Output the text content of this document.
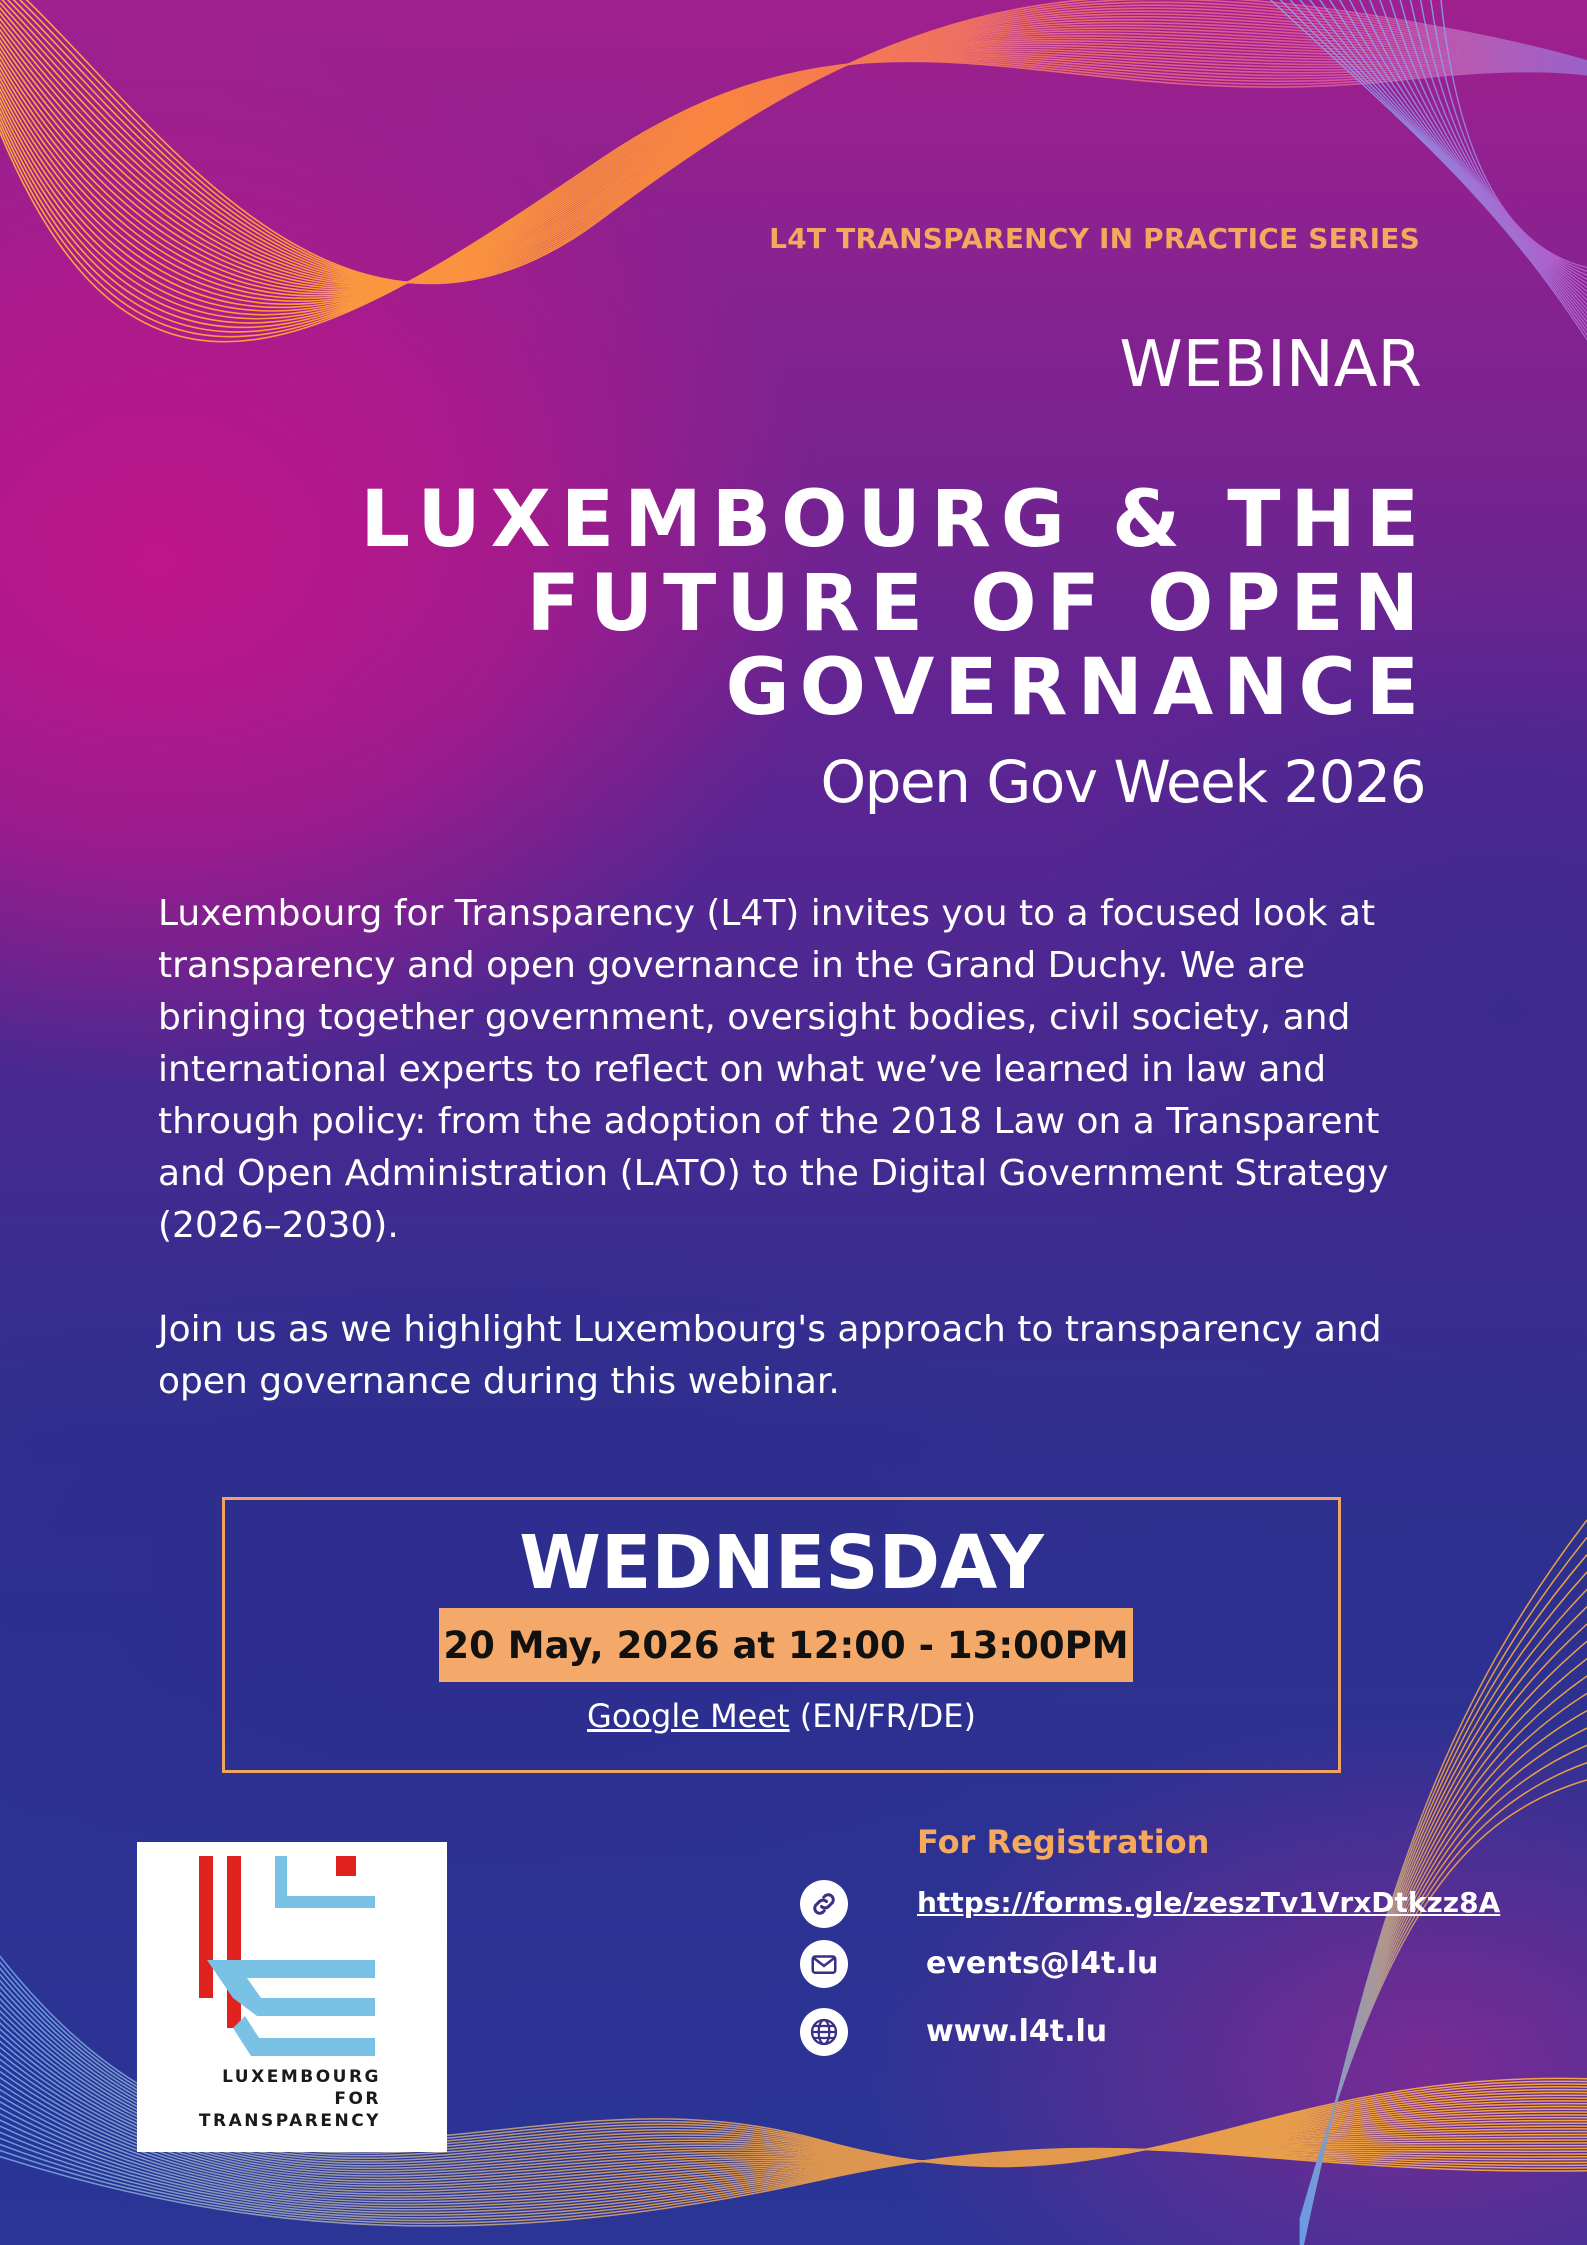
L4T TRANSPARENCY IN PRACTICE SERIES
WEBINAR
LUXEMBOURG & THE
FUTURE OF OPEN
GOVERNANCE
Open Gov Week 2026

Luxembourg for Transparency (L4T) invites you to a focused look at transparency and open governance in the Grand Duchy. We are bringing together government, oversight bodies, civil society, and international experts to reflect on what we’ve learned in law and through policy: from the adoption of the 2018 Law on a Transparent and Open Administration (LATO) to the Digital Government Strategy (2026–2030).

Join us as we highlight Luxembourg's approach to transparency and open governance during this webinar.

WEDNESDAY
20 May, 2026 at 12:00 - 13:00PM
Google Meet (EN/FR/DE)
LUXEMBOURG
FOR
TRANSPARENCY
For Registration
https://forms.gle/zeszTv1VrxDtkzz8A
events@l4t.lu
www.l4t.lu
